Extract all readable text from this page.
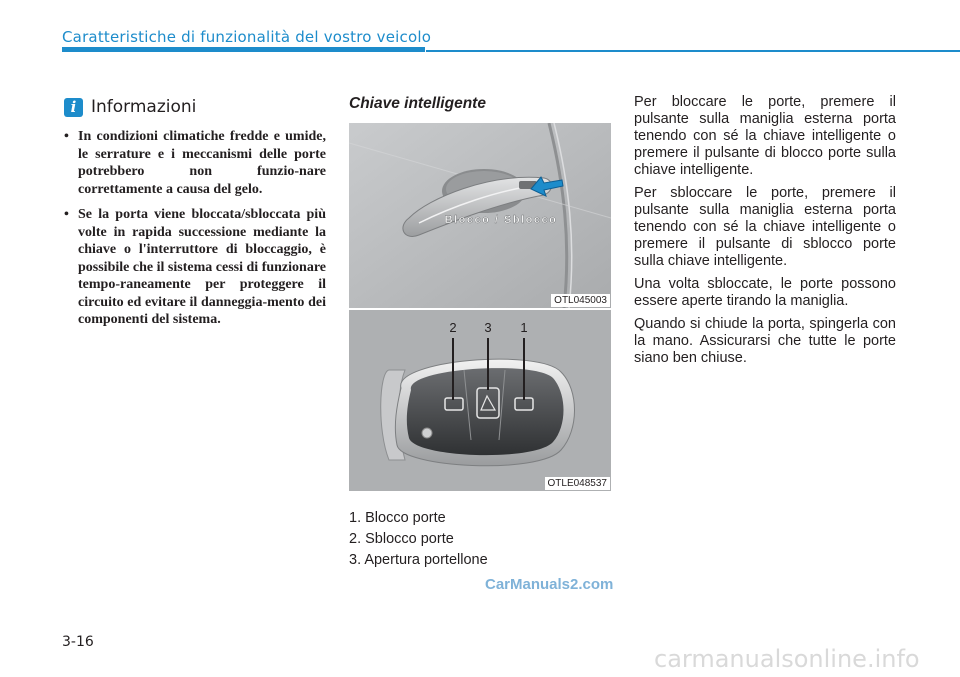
Caratteristiche di funzionalità del vostro veicolo
i Informazioni
• In condizioni climatiche fredde e umide, le serrature e i meccanismi delle porte potrebbero non funzio-nare correttamente a causa del gelo.
• Se la porta viene bloccata/sbloccata più volte in rapida successione mediante la chiave o l'interruttore di bloccaggio, è possibile che il sistema cessi di funzionare tempo-raneamente per proteggere il circuito ed evitare il danneggia-mento dei componenti del sistema.
Chiave intelligente
Blocco / Sblocco
OTL045003
2 3 1
OTLE048537
1. Blocco porte
2. Sblocco porte
3. Apertura portellone

Per bloccare le porte, premere il pulsante sulla maniglia esterna porta tenendo con sé la chiave intelligente o premere il pulsante di blocco porte sulla chiave intelligente.

Per sbloccare le porte, premere il pulsante sulla maniglia esterna porta tenendo con sé la chiave intelligente o premere il pulsante di sblocco porte sulla chiave intelligente.

Una volta sbloccate, le porte possono essere aperte tirando la maniglia.

Quando si chiude la porta, spingerla con la mano. Assicurarsi che tutte le porte siano ben chiuse.

CarManuals2.com
3-16
carmanualsonline.info
